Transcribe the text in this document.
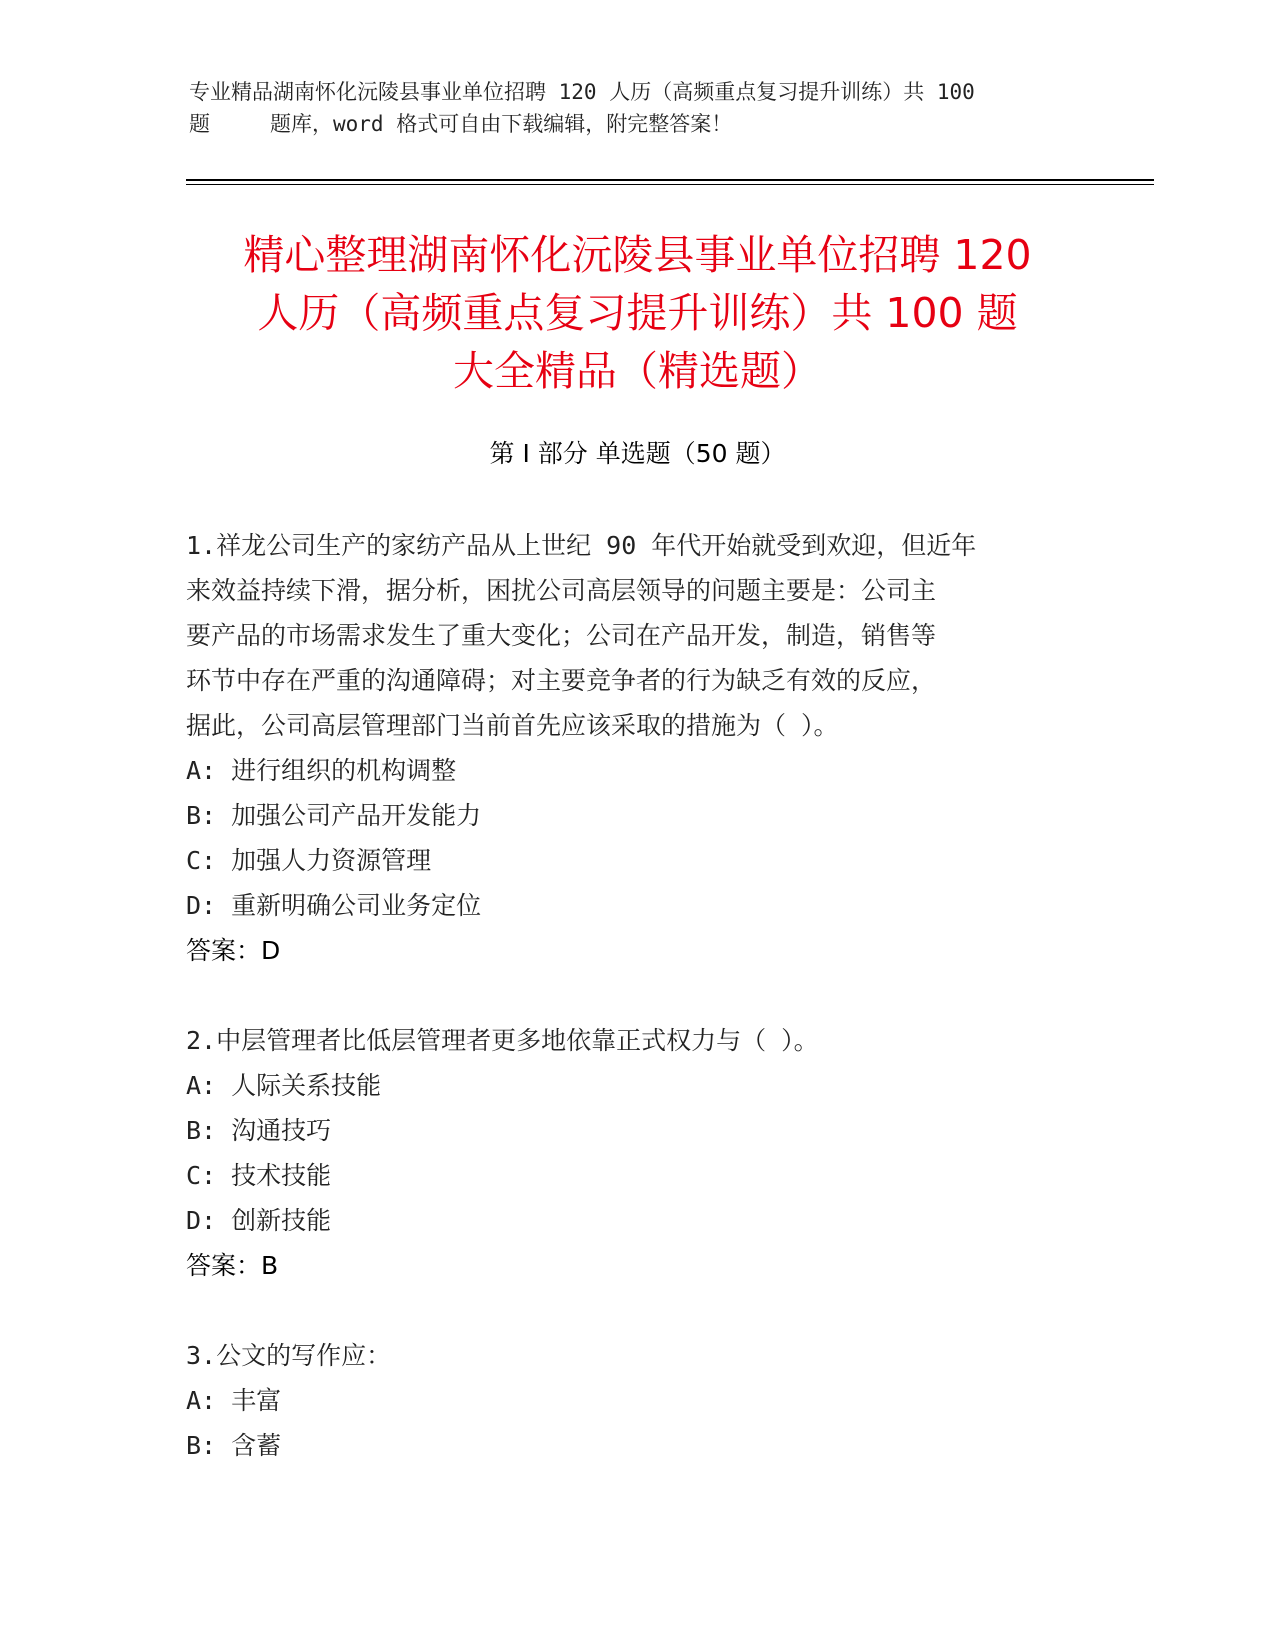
专业精品湖南怀化沅陵县事业单位招聘 120 人历（高频重点复习提升训练）共 100
题	题库，word 格式可自由下载编辑，附完整答案！
精心整理湖南怀化沅陵县事业单位招聘 120
人历（高频重点复习提升训练）共 100 题
大全精品（精选题）
第 I 部分 单选题（50 题）
1.祥龙公司生产的家纺产品从上世纪 90 年代开始就受到欢迎，但近年
来效益持续下滑，据分析，困扰公司高层领导的问题主要是：公司主
要产品的市场需求发生了重大变化；公司在产品开发，制造，销售等
环节中存在严重的沟通障碍；对主要竞争者的行为缺乏有效的反应，
据此，公司高层管理部门当前首先应该采取的措施为（ ）。
A: 进行组织的机构调整
B: 加强公司产品开发能力
C: 加强人力资源管理
D: 重新明确公司业务定位
答案：D
2.中层管理者比低层管理者更多地依靠正式权力与（ ）。
A: 人际关系技能
B: 沟通技巧
C: 技术技能
D: 创新技能
答案：B
3.公文的写作应：
A: 丰富
B: 含蓄
